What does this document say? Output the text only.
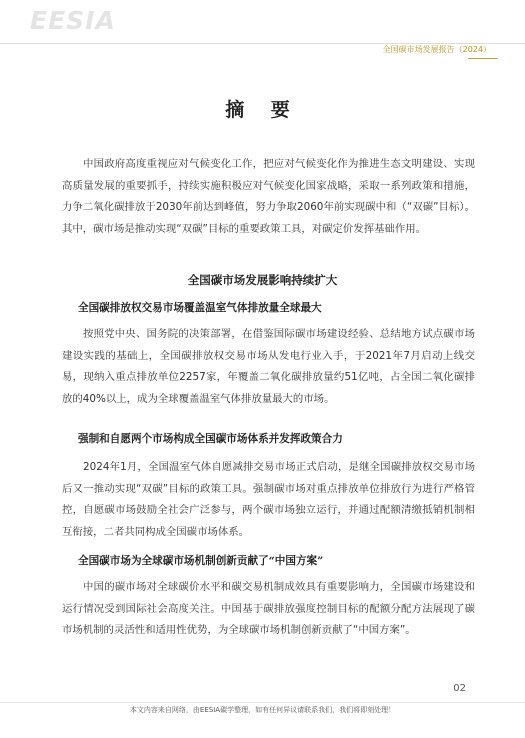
EESIA
全国碳市场发展报告（2024）
摘 要

中国政府高度重视应对气候变化工作，把应对气候变化作为推进生态文明建设、实现高质量发展的重要抓手，持续实施积极应对气候变化国家战略，采取一系列政策和措施，力争二氧化碳排放于2030年前达到峰值，努力争取2060年前实现碳中和（“双碳”目标）。其中，碳市场是推动实现“双碳”目标的重要政策工具，对碳定价发挥基础作用。

全国碳市场发展影响持续扩大
全国碳排放权交易市场覆盖温室气体排放量全球最大

按照党中央、国务院的决策部署，在借鉴国际碳市场建设经验、总结地方试点碳市场建设实践的基础上，全国碳排放权交易市场从发电行业入手，于2021年7月启动上线交易，现纳入重点排放单位2257家，年覆盖二氧化碳排放量约51亿吨，占全国二氧化碳排放的40%以上，成为全球覆盖温室气体排放量最大的市场。

强制和自愿两个市场构成全国碳市场体系并发挥政策合力

2024年1月，全国温室气体自愿减排交易市场正式启动，是继全国碳排放权交易市场后又一推动实现“双碳”目标的政策工具。强制碳市场对重点排放单位排放行为进行严格管控，自愿碳市场鼓励全社会广泛参与，两个碳市场独立运行，并通过配额清缴抵销机制相互衔接，二者共同构成全国碳市场体系。

全国碳市场为全球碳市场机制创新贡献了“中国方案”

中国的碳市场对全球碳价水平和碳交易机制成效具有重要影响力，全国碳市场建设和运行情况受到国际社会高度关注。中国基于碳排放强度控制目标的配额分配方法展现了碳市场机制的灵活性和适用性优势，为全球碳市场机制创新贡献了“中国方案”。

02
本文内容来自网络，由EESIA碳学整理，如有任何异议请联系我们，我们将即刻处理！
